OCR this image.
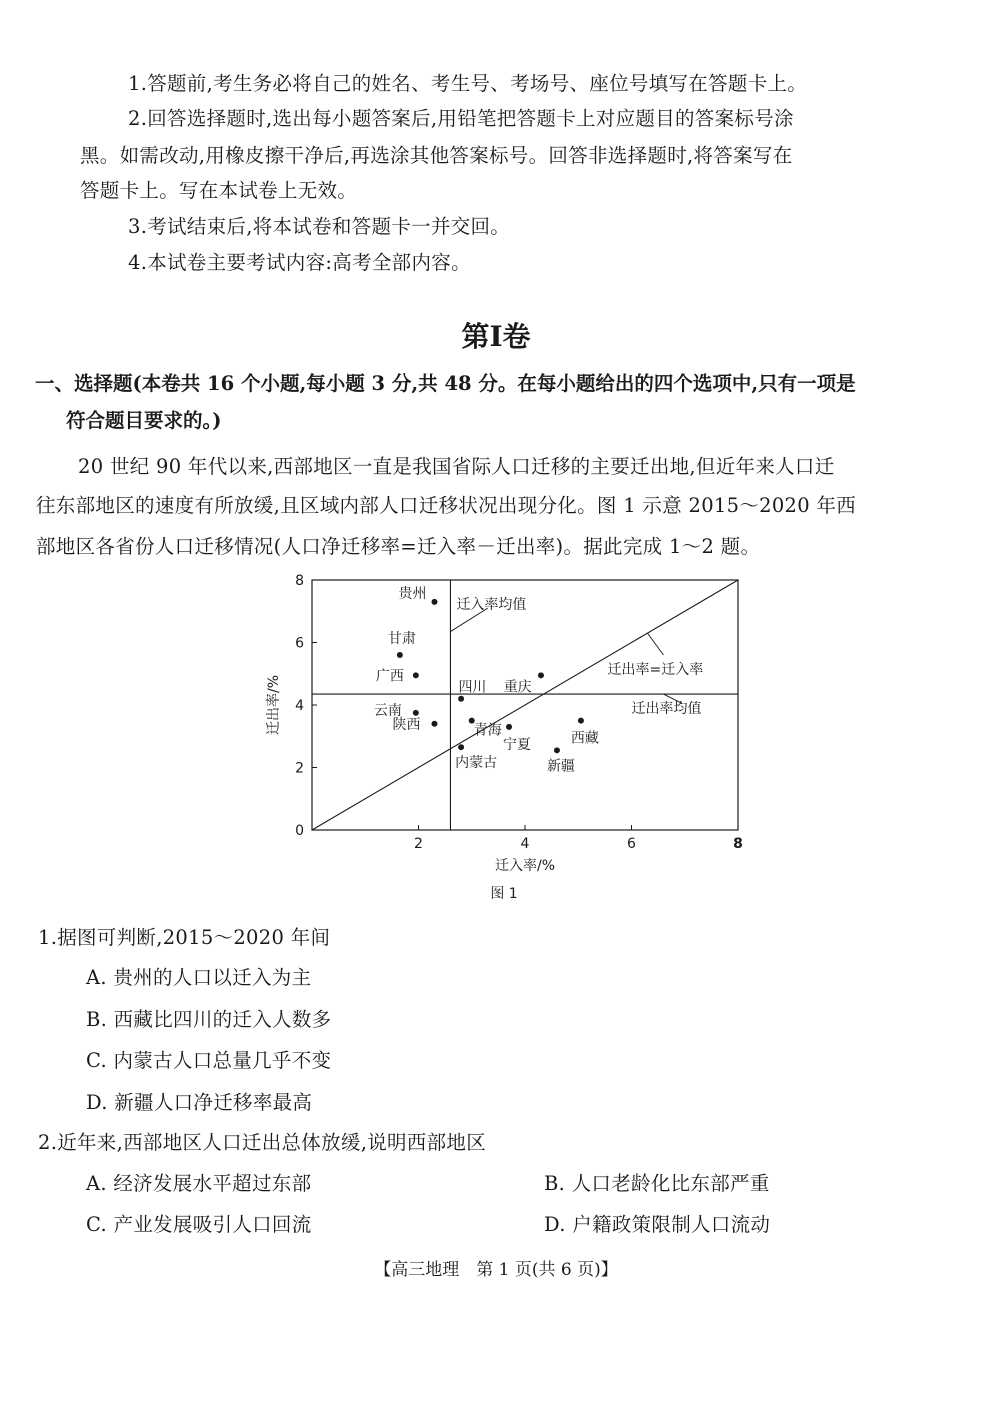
1.答题前,考生务必将自己的姓名、考生号、考场号、座位号填写在答题卡上。
2.回答选择题时,选出每小题答案后,用铅笔把答题卡上对应题目的答案标号涂
黑。如需改动,用橡皮擦干净后,再选涂其他答案标号。回答非选择题时,将答案写在
答题卡上。写在本试卷上无效。
3.考试结束后,将本试卷和答题卡一并交回。
4.本试卷主要考试内容:高考全部内容。
第Ⅰ卷
一、选择题(本卷共 16 个小题,每小题 3 分,共 48 分。在每小题给出的四个选项中,只有一项是
符合题目要求的。)
20 世纪 90 年代以来,西部地区一直是我国省际人口迁移的主要迁出地,但近年来人口迁
往东部地区的速度有所放缓,且区域内部人口迁移状况出现分化。图 1 示意 2015～2020 年西
部地区各省份人口迁移情况(人口净迁移率=迁入率－迁出率)。据此完成 1～2 题。
迁入率均值
迁出率均值
迁出率=迁入率
2	4	6	8
0
2
4
6
8
贵州
甘肃
广西
重庆
四川
云南
陕西	青海
宁夏	西藏
内蒙古	新疆
迁入率/%
迁出率/%
图 1
1.据图可判断,2015～2020 年间
A. 贵州的人口以迁入为主
B. 西藏比四川的迁入人数多
C. 内蒙古人口总量几乎不变
D. 新疆人口净迁移率最高
2.近年来,西部地区人口迁出总体放缓,说明西部地区
A. 经济发展水平超过东部	B. 人口老龄化比东部严重
C. 产业发展吸引人口回流	D. 户籍政策限制人口流动
【高三地理　第 1 页(共 6 页)】
